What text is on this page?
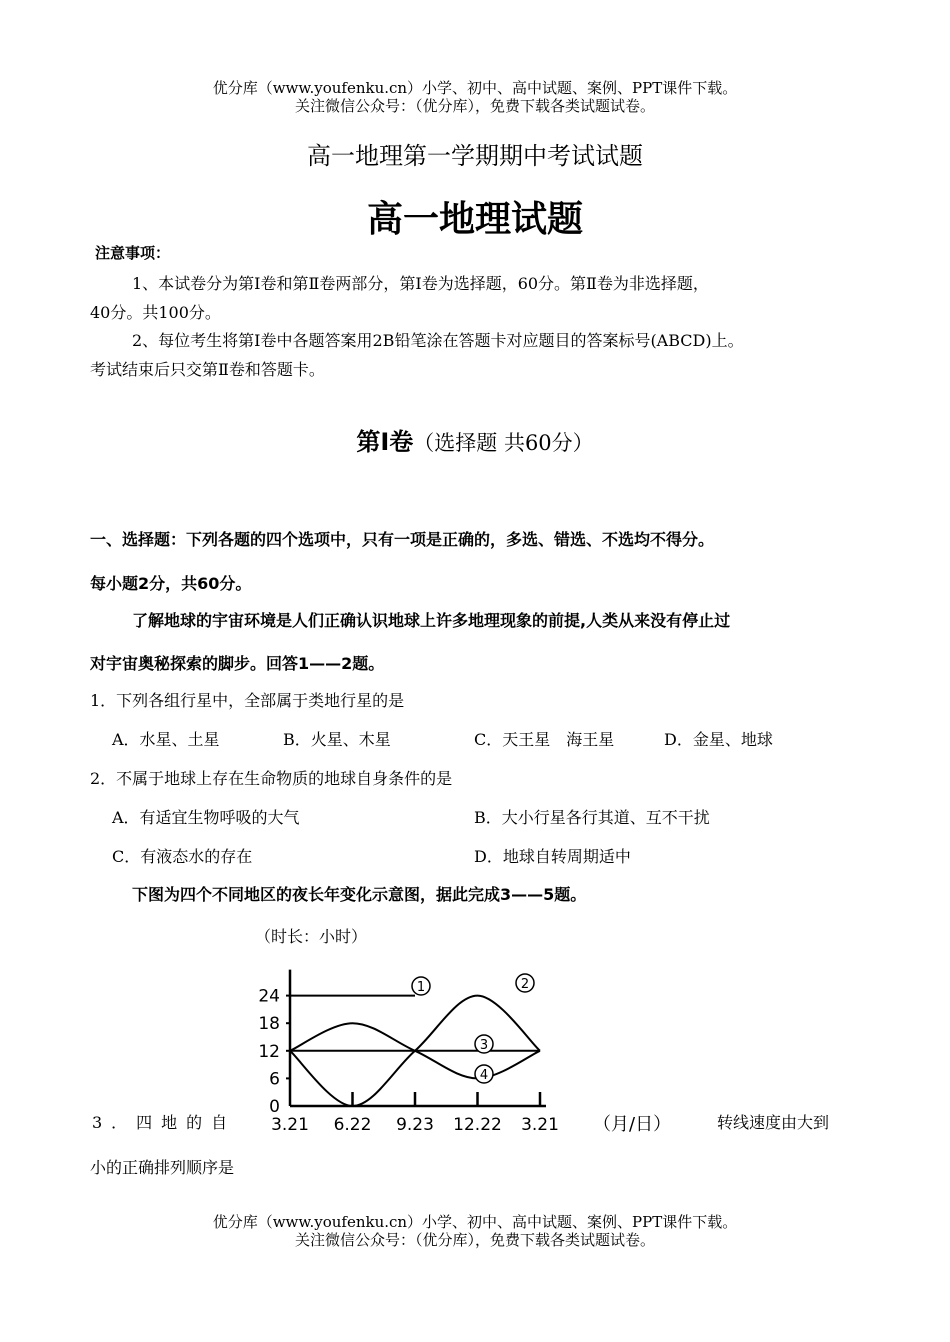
优分库（www.youfenku.cn）小学、初中、高中试题、案例、PPT课件下载。
关注微信公众号：（优分库），免费下载各类试题试卷。
高一地理第一学期期中考试试题
高一地理试题
注意事项：
1、本试卷分为第Ⅰ卷和第Ⅱ卷两部分，第Ⅰ卷为选择题，60分。第Ⅱ卷为非选择题，
40分。共100分。
2、每位考生将第Ⅰ卷中各题答案用2B铅笔涂在答题卡对应题目的答案标号(ABCD)上。
考试结束后只交第Ⅱ卷和答题卡。
第Ⅰ卷（选择题 共60分）
一、选择题：下列各题的四个选项中，只有一项是正确的，多选、错选、不选均不得分。
每小题2分，共60分。
了解地球的宇宙环境是人们正确认识地球上许多地理现象的前提,人类从来没有停止过
对宇宙奥秘探索的脚步。回答1——2题。
1．下列各组行星中，全部属于类地行星的是
A．水星、土星	B．火星、木星	C．天王星　海王星	D．金星、地球
2．不属于地球上存在生命物质的地球自身条件的是
A．有适宜生物呼吸的大气	B．大小行星各行其道、互不干扰
C．有液态水的存在	D．地球自转周期适中
下图为四个不同地区的夜长年变化示意图，据此完成3——5题。
（时长：小时）
1	2
3
4
24
18
12
6
0
3.21 6.22 9.23 12.22 3.21 （月/日）
3．四地的自	转线速度由大到
小的正确排列顺序是
优分库（www.youfenku.cn）小学、初中、高中试题、案例、PPT课件下载。
关注微信公众号：（优分库），免费下载各类试题试卷。
